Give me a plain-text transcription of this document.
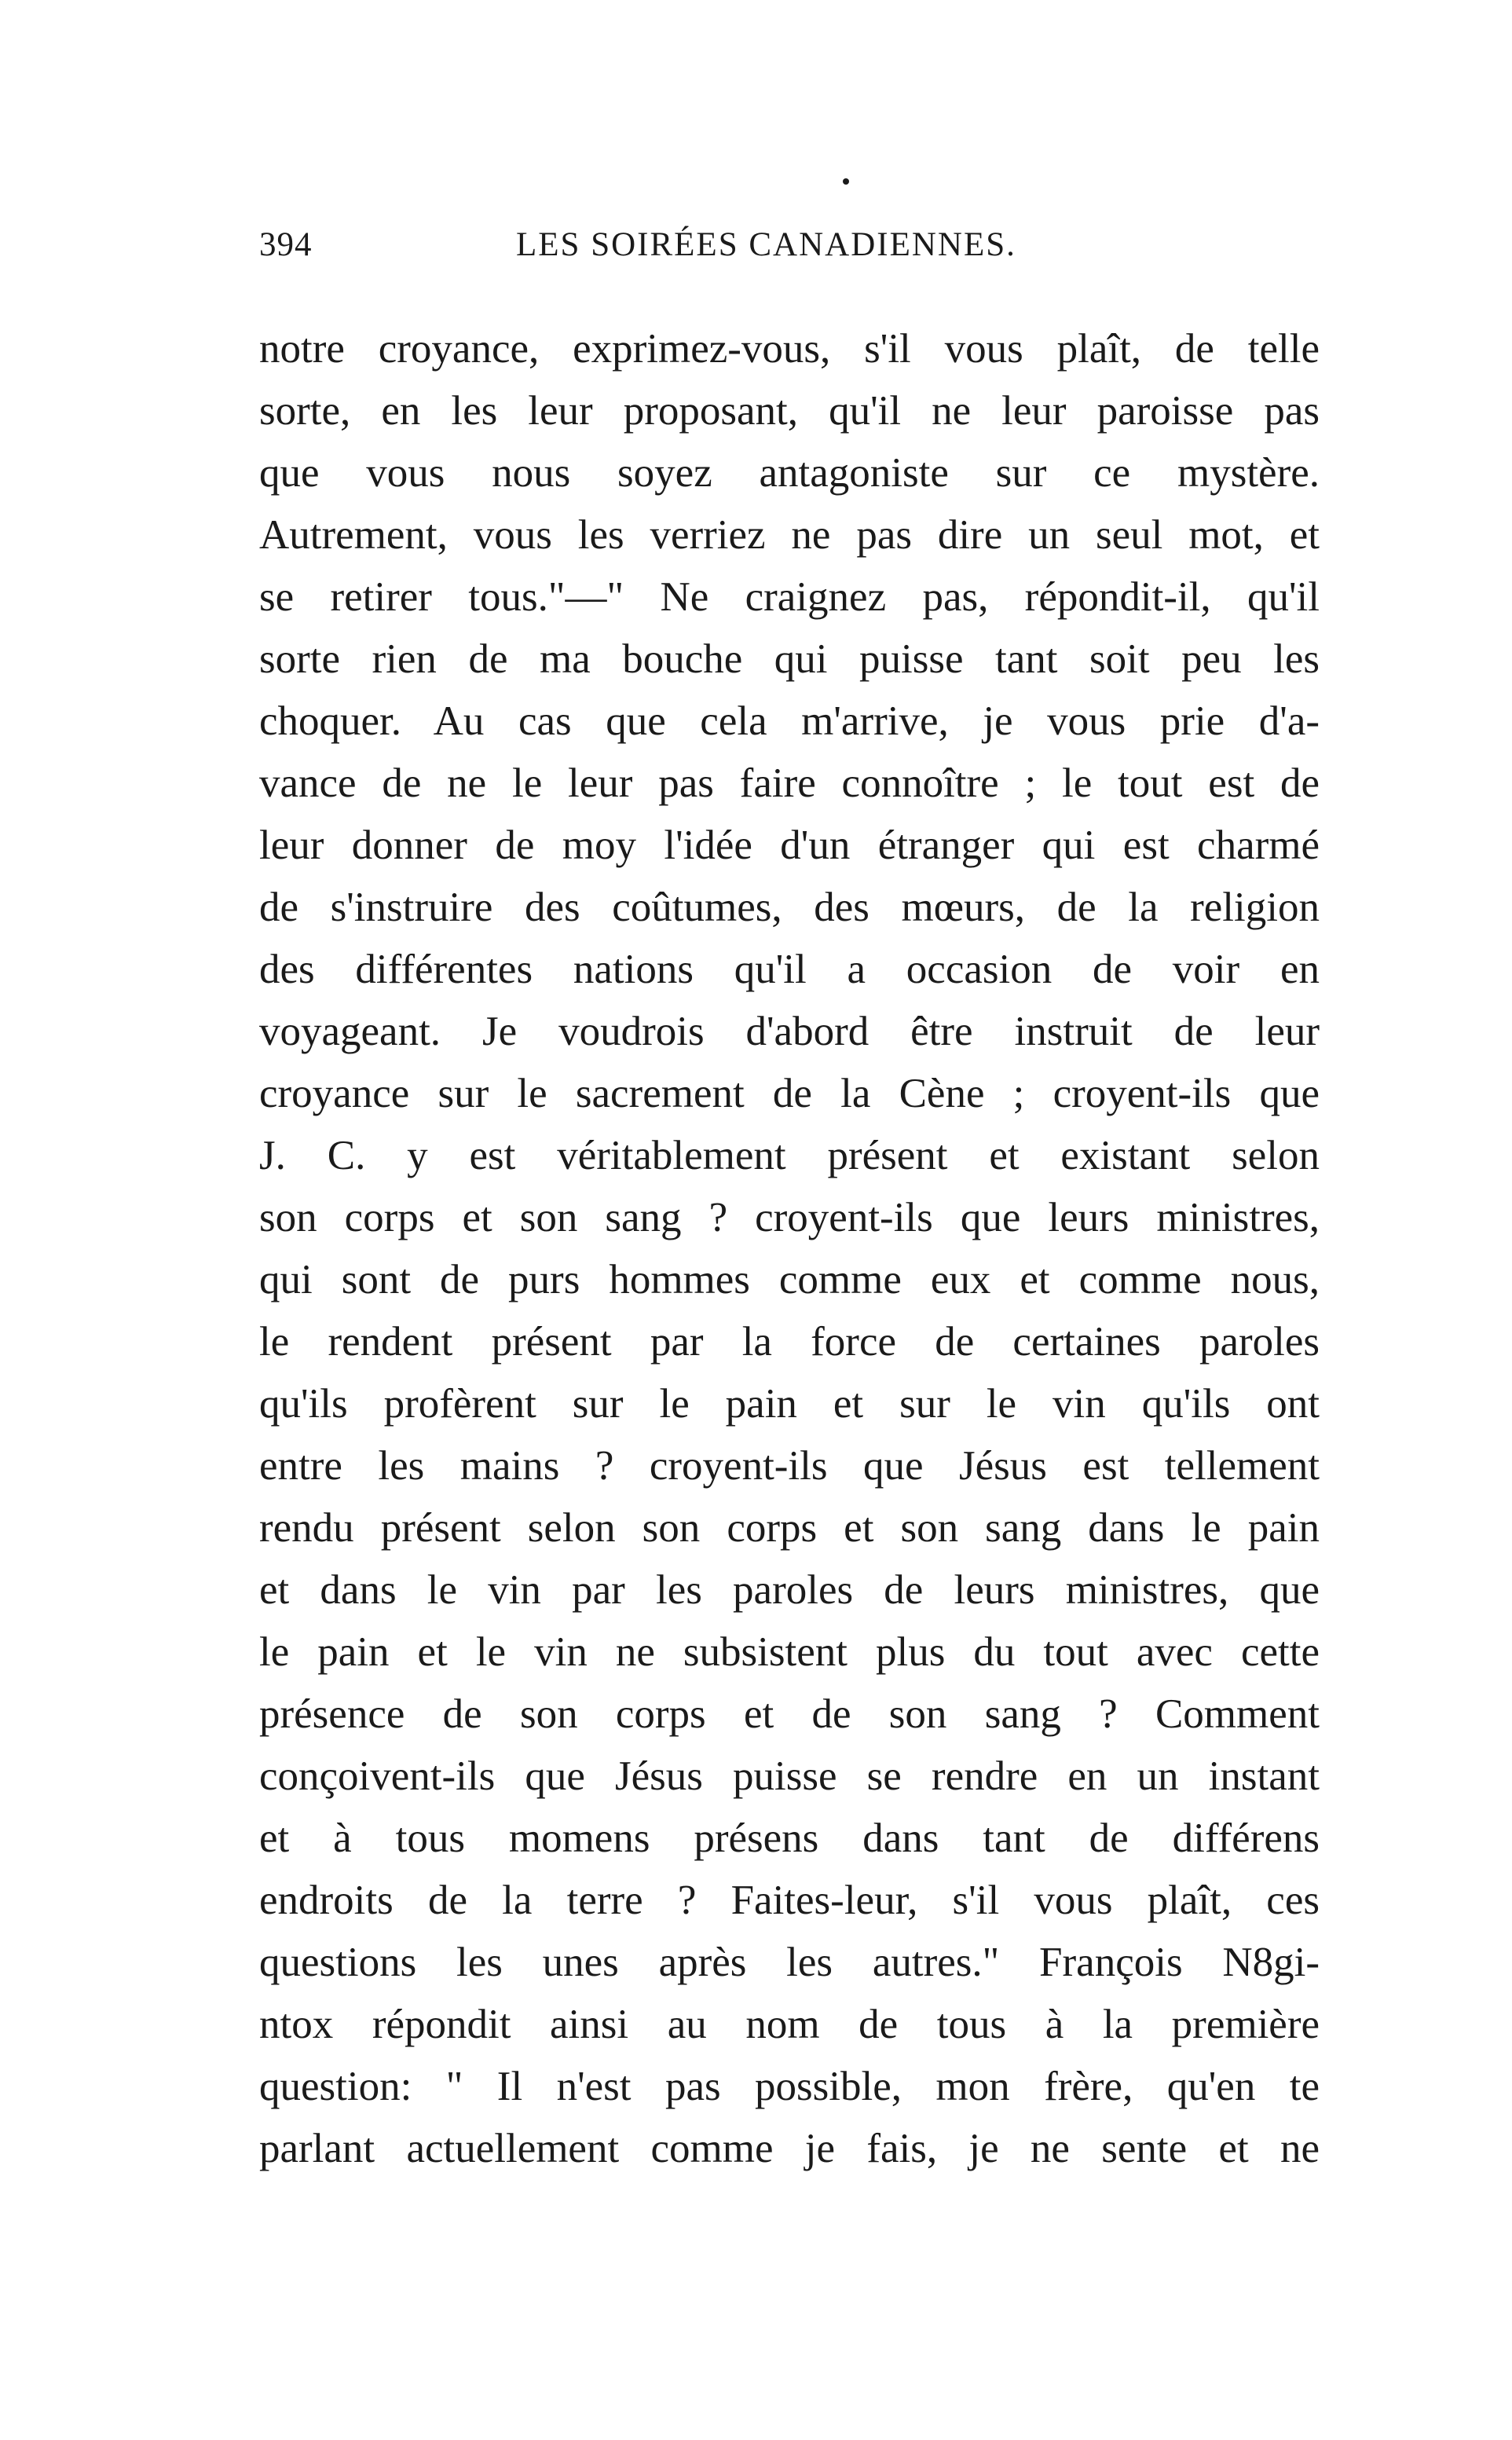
394	LES SOIRÉES CANADIENNES.
notre croyance, exprimez-vous, s'il vous plaît, de telle
sorte, en les leur proposant, qu'il ne leur paroisse pas
que vous nous soyez antagoniste sur ce mystère.
Autrement, vous les verriez ne pas dire un seul mot, et
se retirer tous."—" Ne craignez pas, répondit-il, qu'il
sorte rien de ma bouche qui puisse tant soit peu les
choquer. Au cas que cela m'arrive, je vous prie d'a-
vance de ne le leur pas faire connoître ; le tout est de
leur donner de moy l'idée d'un étranger qui est charmé
de s'instruire des coûtumes, des mœurs, de la religion
des différentes nations qu'il a occasion de voir en
voyageant. Je voudrois d'abord être instruit de leur
croyance sur le sacrement de la Cène ; croyent-ils que
J. C. y est véritablement présent et existant selon
son corps et son sang ? croyent-ils que leurs ministres,
qui sont de purs hommes comme eux et comme nous,
le rendent présent par la force de certaines paroles
qu'ils profèrent sur le pain et sur le vin qu'ils ont
entre les mains ? croyent-ils que Jésus est tellement
rendu présent selon son corps et son sang dans le pain
et dans le vin par les paroles de leurs ministres, que
le pain et le vin ne subsistent plus du tout avec cette
présence de son corps et de son sang ? Comment
conçoivent-ils que Jésus puisse se rendre en un instant
et à tous momens présens dans tant de différens
endroits de la terre ? Faites-leur, s'il vous plaît, ces
questions les unes après les autres." François N8gi-
ntox répondit ainsi au nom de tous à la première
question: " Il n'est pas possible, mon frère, qu'en te
parlant actuellement comme je fais, je ne sente et ne
